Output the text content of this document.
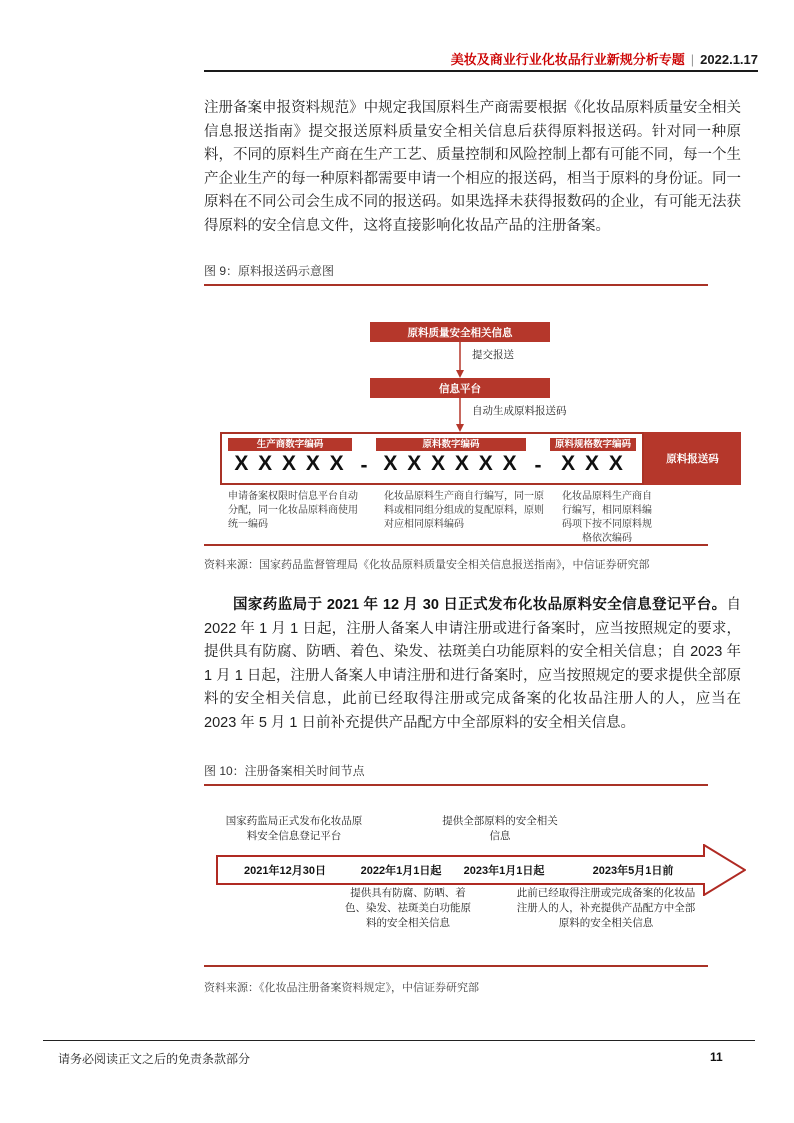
美妆及商业行业化妆品行业新规分析专题 | 2022.1.17
注册备案申报资料规范》中规定我国原料生产商需要根据《化妆品原料质量安全相关信息报送指南》提交报送原料质量安全相关信息后获得原料报送码。针对同一种原料，不同的原料生产商在生产工艺、质量控制和风险控制上都有可能不同，每一个生产企业生产的每一种原料都需要申请一个相应的报送码，相当于原料的身份证。同一原料在不同公司会生成不同的报送码。如果选择未获得报数码的企业，有可能无法获得原料的安全信息文件，这将直接影响化妆品产品的注册备案。
图 9：原料报送码示意图
原料质量安全相关信息
提交报送
信息平台
自动生成原料报送码
生产商数字编码
X X X X X -
原料数字编码
X X X X X X -
原料规格数字编码
X X X	原料报送码
申请备案权限时信息平台自动分配，同一化妆品原料商使用统一编码
化妆品原料生产商自行编写，同一原料或相同组分组成的复配原料，原则对应相同原料编码
化妆品原料生产商自行编写，相同原料编码项下按不同原料规格依次编码
资料来源：国家药品监督管理局《化妆品原料质量安全相关信息报送指南》，中信证券研究部
国家药监局于 2021 年 12 月 30 日正式发布化妆品原料安全信息登记平台。自 2022 年 1 月 1 日起，注册人备案人申请注册或进行备案时，应当按照规定的要求，提供具有防腐、防晒、着色、染发、祛斑美白功能原料的安全相关信息；自 2023 年 1 月 1 日起，注册人备案人申请注册和进行备案时，应当按照规定的要求提供全部原料的安全相关信息，此前已经取得注册或完成备案的化妆品注册人的人，应当在 2023 年 5 月 1 日前补充提供产品配方中全部原料的安全相关信息。
图 10：注册备案相关时间节点
国家药监局正式发布化妆品原料安全信息登记平台
提供全部原料的安全相关信息
2021年12月30日	2022年1月1日起	2023年1月1日起	2023年5月1日前
提供具有防腐、防晒、着色、染发、祛斑美白功能原料的安全相关信息
此前已经取得注册或完成备案的化妆品注册人的人，补充提供产品配方中全部原料的安全相关信息
资料来源：《化妆品注册备案资料规定》，中信证券研究部
请务必阅读正文之后的免责条款部分	11
